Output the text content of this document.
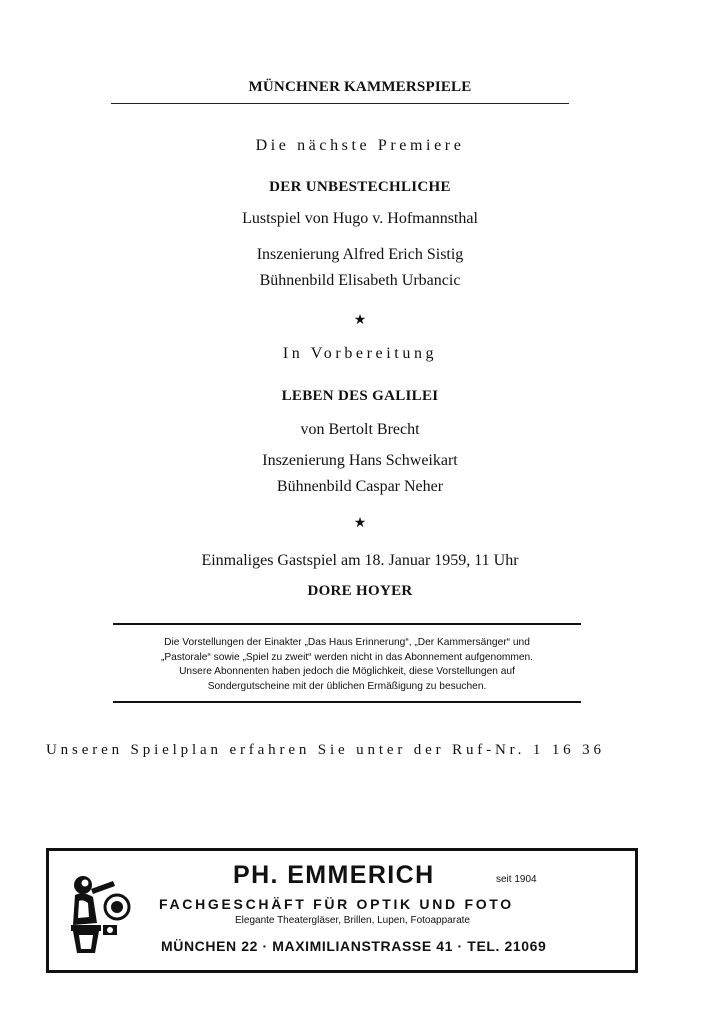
MÜNCHNER KAMMERSPIELE
Die nächste Premiere
DER UNBESTECHLICHE
Lustspiel von Hugo v. Hofmannsthal
Inszenierung Alfred Erich Sistig
Bühnenbild Elisabeth Urbancic
★
In Vorbereitung
LEBEN DES GALILEI
von Bertolt Brecht
Inszenierung Hans Schweikart
Bühnenbild Caspar Neher
★
Einmaliges Gastspiel am 18. Januar 1959, 11 Uhr
DORE HOYER
Die Vorstellungen der Einakter „Das Haus Erinnerung“, „Der Kammersänger“ und
„Pastorale“ sowie „Spiel zu zweit“ werden nicht in das Abonnement aufgenommen.
Unsere Abonnenten haben jedoch die Möglichkeit, diese Vorstellungen auf
Sondergutscheine mit der üblichen Ermäßigung zu besuchen.
Unseren Spielplan erfahren Sie unter der Ruf-Nr. 1 16 36
PH. EMMERICH	seit 1904
FACHGESCHÄFT FÜR OPTIK UND FOTO
Elegante Theatergläser, Brillen, Lupen, Fotoapparate
MÜNCHEN 22 · MAXIMILIANSTRASSE 41 · TEL. 21069
